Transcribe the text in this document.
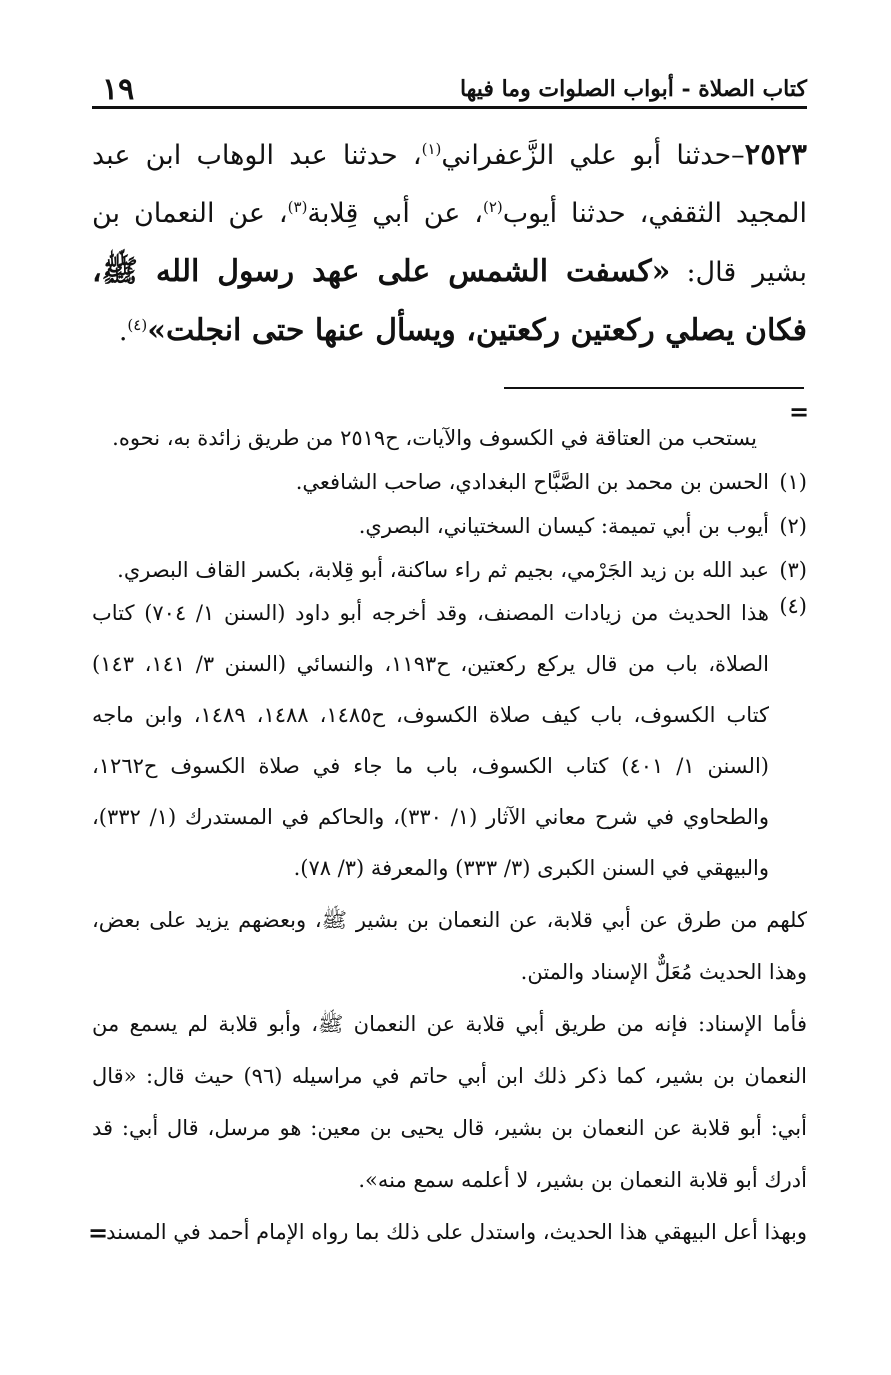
١٩	كتاب الصلاة - أبواب الصلوات وما فيها
٢٥٢٣–حدثنا أبو علي الزَّعفراني$^{(١)}$، حدثنا عبد الوهاب ابن عبد المجيد الثقفي، حدثنا أيوب$^{(٢)}$، عن أبي قِلابة$^{(٣)}$، عن النعمان بن بشير قال: «كسفت الشمس على عهد رسول الله ﷺ، فكان يصلي ركعتين ركعتين، ويسأل عنها حتى انجلت»$^{(٤)}$.
=
يستحب من العتاقة في الكسوف والآيات، ح٢٥١٩ من طريق زائدة به، نحوه.
(١)
الحسن بن محمد بن الصَّبَّاح البغدادي، صاحب الشافعي.
(٢)
أيوب بن أبي تميمة: كيسان السختياني، البصري.
(٣)
عبد الله بن زيد الجَرْمي، بجيم ثم راء ساكنة، أبو قِلابة، بكسر القاف البصري.
(٤)
هذا الحديث من زيادات المصنف، وقد أخرجه أبو داود (السنن ١/ ٧٠٤) كتاب الصلاة، باب من قال يركع ركعتين، ح١١٩٣، والنسائي (السنن ٣/ ١٤١، ١٤٣) كتاب الكسوف، باب كيف صلاة الكسوف، ح١٤٨٥، ١٤٨٨، ١٤٨٩، وابن ماجه (السنن ١/ ٤٠١) كتاب الكسوف، باب ما جاء في صلاة الكسوف ح١٢٦٢، والطحاوي في شرح معاني الآثار (١/ ٣٣٠)، والحاكم في المستدرك (١/ ٣٣٢)، والبيهقي في السنن الكبرى (٣/ ٣٣٣) والمعرفة (٣/ ٧٨).
كلهم من طرق عن أبي قلابة، عن النعمان بن بشير ﷺ، وبعضهم يزيد على بعض، وهذا الحديث مُعَلٌّ الإسناد والمتن.
فأما الإسناد: فإنه من طريق أبي قلابة عن النعمان ﷺ، وأبو قلابة لم يسمع من النعمان بن بشير، كما ذكر ذلك ابن أبي حاتم في مراسيله (٩٦) حيث قال: «قال أبي: أبو قلابة عن النعمان بن بشير، قال يحيى بن معين: هو مرسل، قال أبي: قد أدرك أبو قلابة النعمان بن بشير، لا أعلمه سمع منه».
وبهذا أعل البيهقي هذا الحديث، واستدل على ذلك بما رواه الإمام أحمد في المسند
=
